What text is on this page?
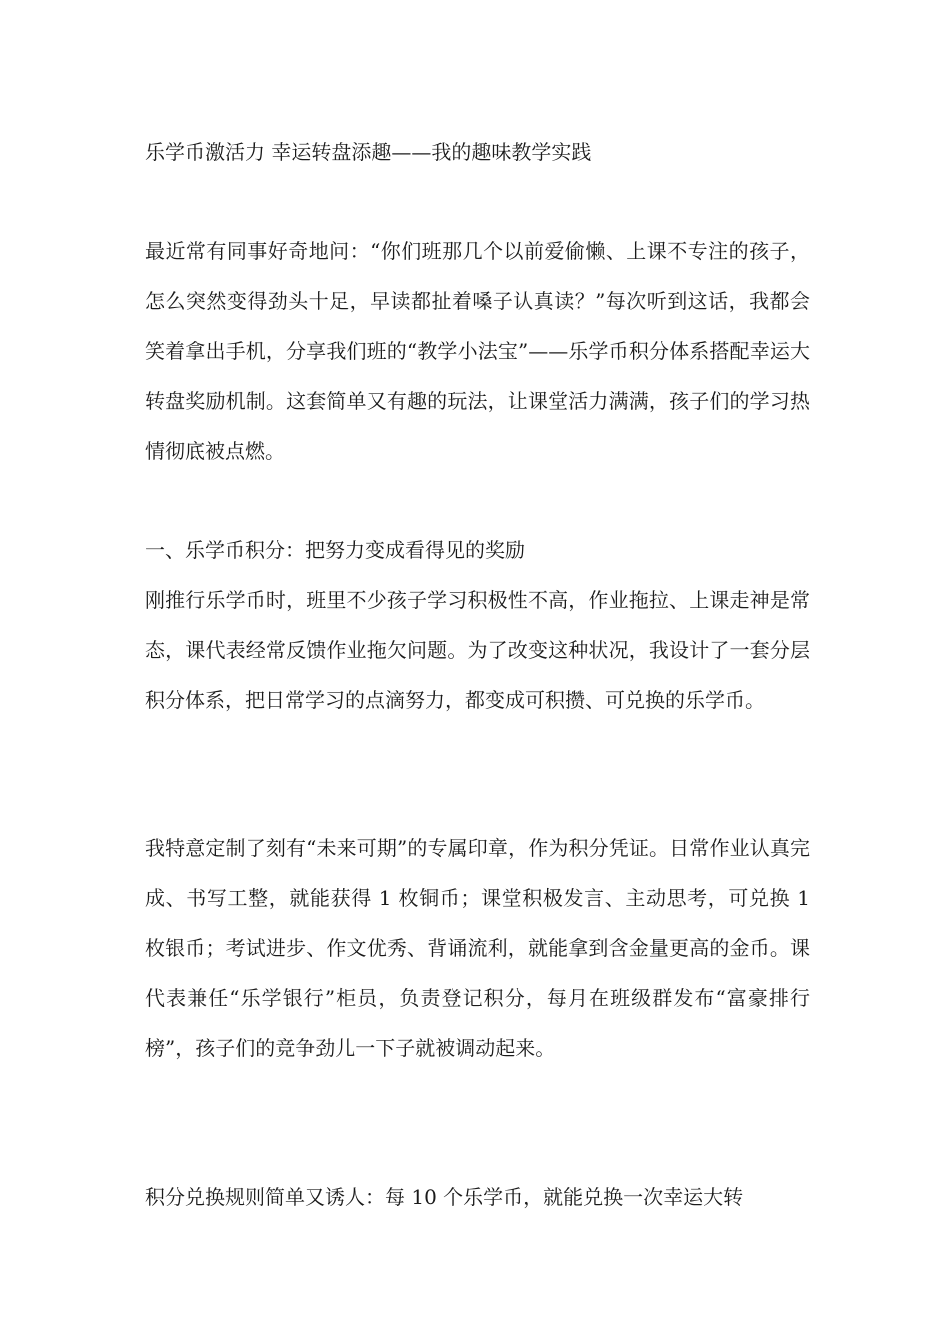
乐学币激活力 幸运转盘添趣——我的趣味教学实践

最近常有同事好奇地问：“你们班那几个以前爱偷懒、上课不专注的孩子，怎么突然变得劲头十足，早读都扯着嗓子认真读？”每次听到这话，我都会笑着拿出手机，分享我们班的“教学小法宝”——乐学币积分体系搭配幸运大转盘奖励机制。这套简单又有趣的玩法，让课堂活力满满，孩子们的学习热情彻底被点燃。

一、乐学币积分：把努力变成看得见的奖励

刚推行乐学币时，班里不少孩子学习积极性不高，作业拖拉、上课走神是常态，课代表经常反馈作业拖欠问题。为了改变这种状况，我设计了一套分层积分体系，把日常学习的点滴努力，都变成可积攒、可兑换的乐学币。

我特意定制了刻有“未来可期”的专属印章，作为积分凭证。日常作业认真完成、书写工整，就能获得 1 枚铜币；课堂积极发言、主动思考，可兑换 1 枚银币；考试进步、作文优秀、背诵流利，就能拿到含金量更高的金币。课代表兼任“乐学银行”柜员，负责登记积分，每月在班级群发布“富豪排行榜”，孩子们的竞争劲儿一下子就被调动起来。

积分兑换规则简单又诱人：每 10 个乐学币，就能兑换一次幸运大转
